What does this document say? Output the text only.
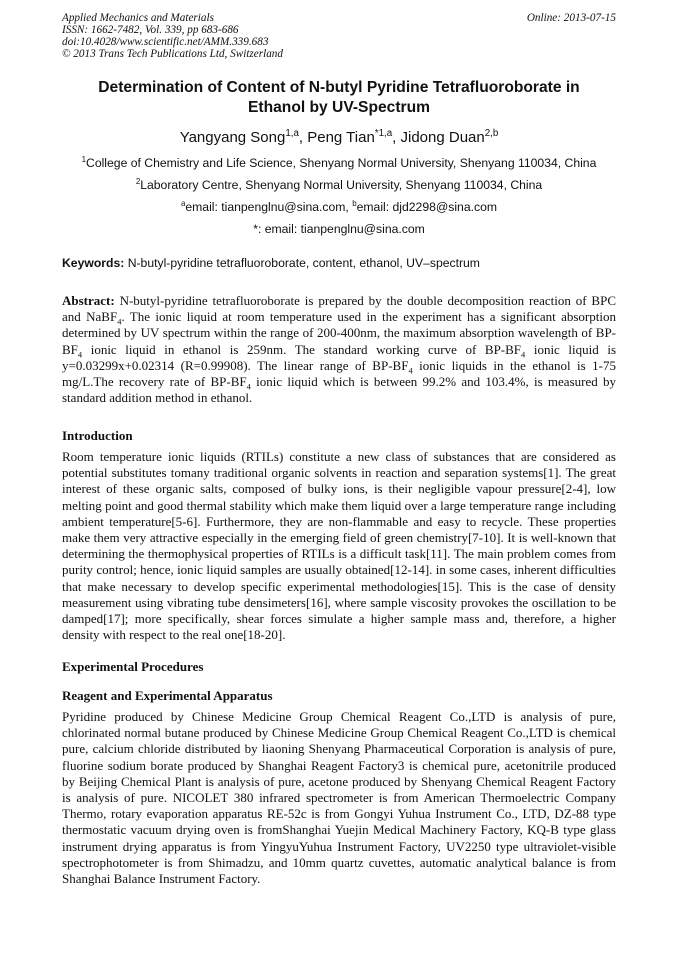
Applied Mechanics and Materials
ISSN: 1662-7482, Vol. 339, pp 683-686
doi:10.4028/www.scientific.net/AMM.339.683
© 2013 Trans Tech Publications Ltd, Switzerland
Online: 2013-07-15
Determination of Content of N-butyl Pyridine Tetrafluoroborate in
Ethanol by UV-Spectrum
Yangyang Song$^{1,a}$, Peng Tian$^{*1,a}$, Jidong Duan$^{2,b}$
$^1$College of Chemistry and Life Science, Shenyang Normal University, Shenyang 110034, China
$^2$Laboratory Centre, Shenyang Normal University, Shenyang 110034, China
$^a$email: tianpenglnu@sina.com, $^b$email: djd2298@sina.com
*: email: tianpenglnu@sina.com
Keywords: N-butyl-pyridine tetrafluoroborate, content, ethanol, UV–spectrum
Abstract: N-butyl-pyridine tetrafluoroborate is prepared by the double decomposition reaction of BPC and NaBF$_4$. The ionic liquid at room temperature used in the experiment has a significant absorption determined by UV spectrum within the range of 200-400nm, the maximum absorption wavelength of $BP-BF_4$ ionic liquid in ethanol is 259nm. The standard working curve of $BP-BF_4$ ionic liquid is y=0.03299x+0.02314 (R=0.99908). The linear range of $BP-BF_4$ ionic liquids in the ethanol is 1-75 mg/L.The recovery rate of $BP-BF_4$ ionic liquid which is between 99.2% and 103.4%, is measured by standard addition method in ethanol.
Introduction
Room temperature ionic liquids (RTILs) constitute a new class of substances that are considered as potential substitutes tomany traditional organic solvents in reaction and separation systems[1]. The great interest of these organic salts, composed of bulky ions, is their negligible vapour pressure[2-4], low melting point and good thermal stability which make them liquid over a large temperature range including ambient temperature[5-6]. Furthermore, they are non-flammable and easy to recycle. These properties make them very attractive especially in the emerging field of green chemistry[7-10]. It is well-known that determining the thermophysical properties of RTILs is a difficult task[11]. The main problem comes from purity control; hence, ionic liquid samples are usually obtained[12-14]. in some cases, inherent difficulties that make necessary to develop specific experimental methodologies[15]. This is the case of density measurement using vibrating tube densimeters[16], where sample viscosity provokes the oscillation to be damped[17]; more specifically, shear forces simulate a higher sample mass and, therefore, a higher density with respect to the real one[18-20].
Experimental Procedures
Reagent and Experimental Apparatus
Pyridine produced by Chinese Medicine Group Chemical Reagent Co.,LTD is analysis of pure, chlorinated normal butane produced by Chinese Medicine Group Chemical Reagent Co.,LTD is chemical pure, calcium chloride distributed by liaoning Shenyang Pharmaceutical Corporation is analysis of pure, fluorine sodium borate produced by Shanghai Reagent Factory3 is chemical pure, acetonitrile produced by Beijing Chemical Plant is analysis of pure, acetone produced by Shenyang Chemical Reagent Factory is analysis of pure. NICOLET 380 infrared spectrometer is from American Thermoelectric Company Thermo, rotary evaporation apparatus RE-52c is from Gongyi Yuhua Instrument Co., LTD, DZ-88 type thermostatic vacuum drying oven is fromShanghai Yuejin Medical Machinery Factory, KQ-B type glass instrument drying apparatus is from YingyuYuhua Instrument Factory, UV2250 type ultraviolet-visible spectrophotometer is from Shimadzu, and 10mm quartz cuvettes, automatic analytical balance is from Shanghai Balance Instrument Factory.
